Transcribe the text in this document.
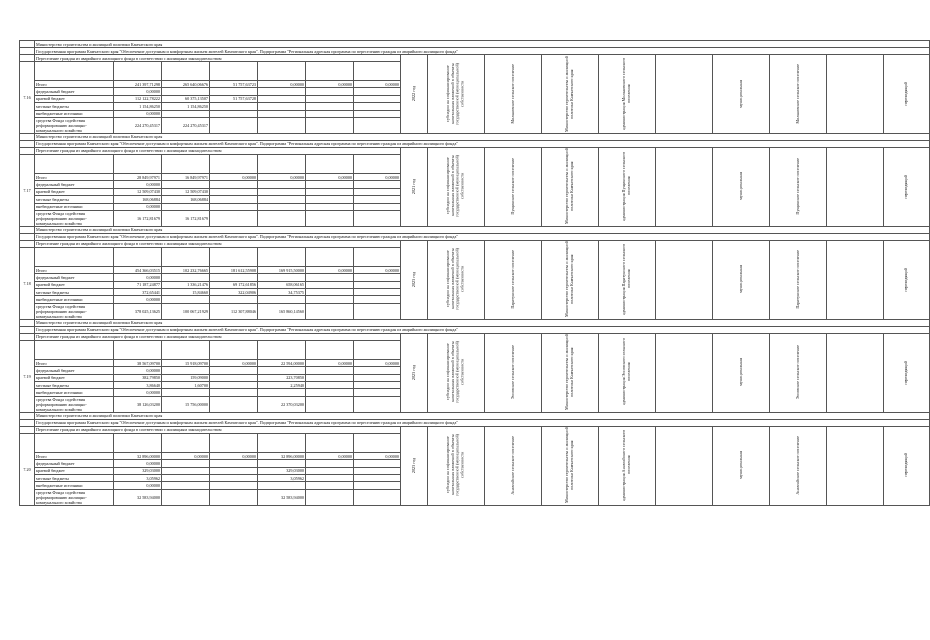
	Министерство строительства и жилищной политики Камчатского края																
	Государственная программа Камчатского края "Обеспечение доступным и комфортным жильем жителей Камчатского края". Подпрограмма "Региональная адресная программа по переселению граждан из аварийного жилищного фонда"																
	Переселение граждан из аварийного жилищного фонда в соответствии с жилищным законодательством							2022 год	субсидии на софинансирование капитальных вложений в объекты государственной (муниципальной) собственности	Мильковское сельское поселение	Министерство строительства и жилищной политики Камчатского края	администрация Мильковского сельского поселения		муниципальная	Мильковское сельское поселение		переходящий
7.16																	
	Итого	241 397,71298	265 640,06676	51 757,63723	0,00000	0,00000	0,00000										
	федеральный бюджет	0,00000															
	краевой бюджет	112 122,78222	60 375,13507	51 757,63728													
	местные бюджеты	1 154,86250	1 154,86250														
	внебюджетные источники	0,00000															
	средства Фонда содействия реформированию жилищно-коммунального хозяйства	224 270,45317	224 270,45317														
	Министерство строительства и жилищной политики Камчатского края																
	Государственная программа Камчатского края "Обеспечение доступным и комфортным жильем жителей Камчатского края". Подпрограмма "Региональная адресная программа по переселению граждан из аварийного жилищного фонда"																
	Переселение граждан из аварийного жилищного фонда в соответствии с жилищным законодательством							2021 год	субсидии на софинансирование капитальных вложений в объекты государственной (муниципальной) собственности	Пущинское сельское поселение	Министерство строительства и жилищной политики Камчатского края	администрация Пущинского сельского поселения		муниципальная	Пущинское сельское поселение		переходящий
7.17																	
	Итого	28 849,97971	16 849,97971	0,00000	0,00000	0,00000	0,00000										
	федеральный бюджет	0,00000															
	краевой бюджет	12 509,07430	12 509,07430														
	местные бюджеты	168,06884	168,06884														
	внебюджетные источники	0,00000															
	средства Фонда содействия реформированию жилищно-коммунального хозяйства	16 172,81679	16 172,81679														
	Министерство строительства и жилищной политики Камчатского края																
	Государственная программа Камчатского края "Обеспечение доступным и комфортным жильем жителей Камчатского края". Подпрограмма "Региональная адресная программа по переселению граждан из аварийного жилищного фонда"																
	Переселение граждан из аварийного жилищного фонда в соответствии с жилищным законодательством							2023 год	субсидии на софинансирование капитальных вложений в объекты государственной (муниципальной) собственности	Паратунское сельское поселение	Министерство строительства и жилищной политики Камчатского края	администрация Паратунского сельского поселения		муниципальная	Паратунское сельское поселение		переходящий
7.18																	
	Итого	454 366,03515	102 232,76665	181 612,55908	169 915,50000	0,00000	0,00000										
	федеральный бюджет	0,00000															
	краевой бюджет	71 187,24877	1 336,21476	69 172,61856	658,06165												
	местные бюджеты	372,65441	15,84660	322,04906	34,75375												
	внебюджетные источники	0,00000															
	средства Фонда содействия реформированию жилищно-коммунального хозяйства	378 025,13625	100 067,21929	112 307,88046	165 860,14560												
	Министерство строительства и жилищной политики Камчатского края																
	Государственная программа Камчатского края "Обеспечение доступным и комфортным жильем жителей Камчатского края". Подпрограмма "Региональная адресная программа по переселению граждан из аварийного жилищного фонда"																
	Переселение граждан из аварийного жилищного фонда в соответствии с жилищным законодательством							2023 год	субсидии на софинансирование капитальных вложений в объекты государственной (муниципальной) собственности	Эссовское сельское поселение	Министерство строительства и жилищной политики Камчатского края	администрация Эссовского сельского поселения		муниципальная	Эссовское сельское поселение		переходящий
7.19																	
	Итого	38 567,09700	15 918,09700	0,00000	22 594,00000	0,00000	0,00000										
	федеральный бюджет	0,00000															
	краевой бюджет	382,79850	159,09000		223,70850												
	местные бюджеты	3,86640	1,60700		2,25940												
	внебюджетные источники	0,00000															
	средства Фонда содействия реформированию жилищно-коммунального хозяйства	38 126,03200	15 756,00000		22 370,03200												
	Министерство строительства и жилищной политики Камчатского края																
	Государственная программа Камчатского края "Обеспечение доступным и комфортным жильем жителей Камчатского края". Подпрограмма "Региональная адресная программа по переселению граждан из аварийного жилищного фонда"																
	Переселение граждан из аварийного жилищного фонда в соответствии с жилищным законодательством							2023 год	субсидии на софинансирование капитальных вложений в объекты государственной (муниципальной) собственности	Анавгайское сельское поселение	Министерство строительства и жилищной политики Камчатского края	администрация Анавгайского сельского поселения		муниципальная	Анавгайское сельское поселение		переходящий
7.20																	
	Итого	32 896,00000	0,00000	0,00000	32 896,00000	0,00000	0,00000										
	федеральный бюджет	0,00000															
	краевой бюджет	329,03000			329,03000												
	местные бюджеты	3,05962			3,05962												
	внебюджетные источники	0,00000															
	средства Фонда содействия реформированию жилищно-коммунального хозяйства	32 583,94000			32 583,94000												
